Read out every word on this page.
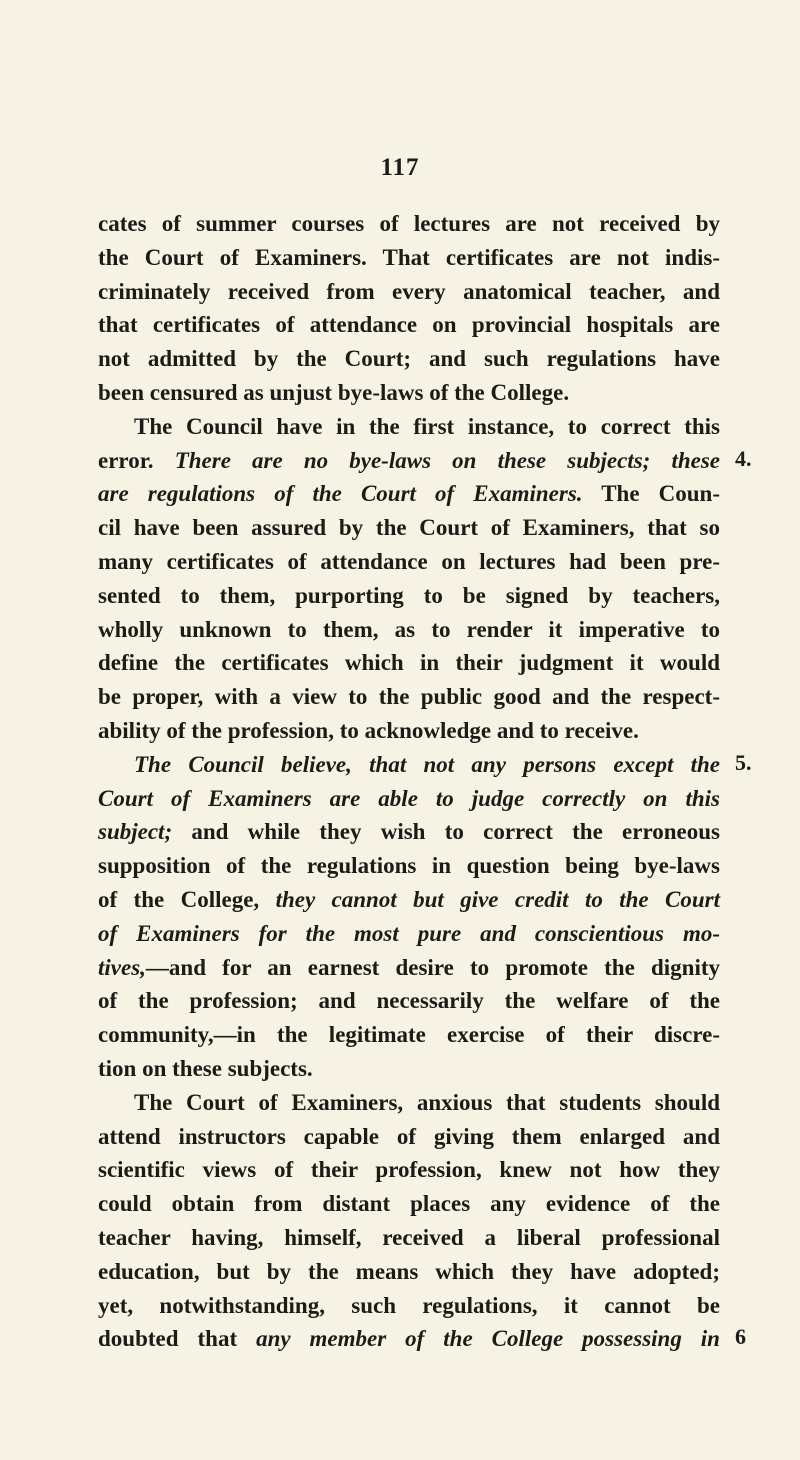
117
cates of summer courses of lectures are not received by
the Court of Examiners. That certificates are not indis-
criminately received from every anatomical teacher, and
that certificates of attendance on provincial hospitals are
not admitted by the Court; and such regulations have
been censured as unjust bye-laws of the College.
The Council have in the first instance, to correct this
error. There are no bye-laws on these subjects; these
are regulations of the Court of Examiners. The Coun-
cil have been assured by the Court of Examiners, that so
many certificates of attendance on lectures had been pre-
sented to them, purporting to be signed by teachers,
wholly unknown to them, as to render it imperative to
define the certificates which in their judgment it would
be proper, with a view to the public good and the respect-
ability of the profession, to acknowledge and to receive.
The Council believe, that not any persons except the
Court of Examiners are able to judge correctly on this
subject; and while they wish to correct the erroneous
supposition of the regulations in question being bye-laws
of the College, they cannot but give credit to the Court
of Examiners for the most pure and conscientious mo-
tives,—and for an earnest desire to promote the dignity
of the profession; and necessarily the welfare of the
community,—in the legitimate exercise of their discre-
tion on these subjects.
The Court of Examiners, anxious that students should
attend instructors capable of giving them enlarged and
scientific views of their profession, knew not how they
could obtain from distant places any evidence of the
teacher having, himself, received a liberal professional
education, but by the means which they have adopted;
yet, notwithstanding, such regulations, it cannot be
doubted that any member of the College possessing in
4.
5.
6
